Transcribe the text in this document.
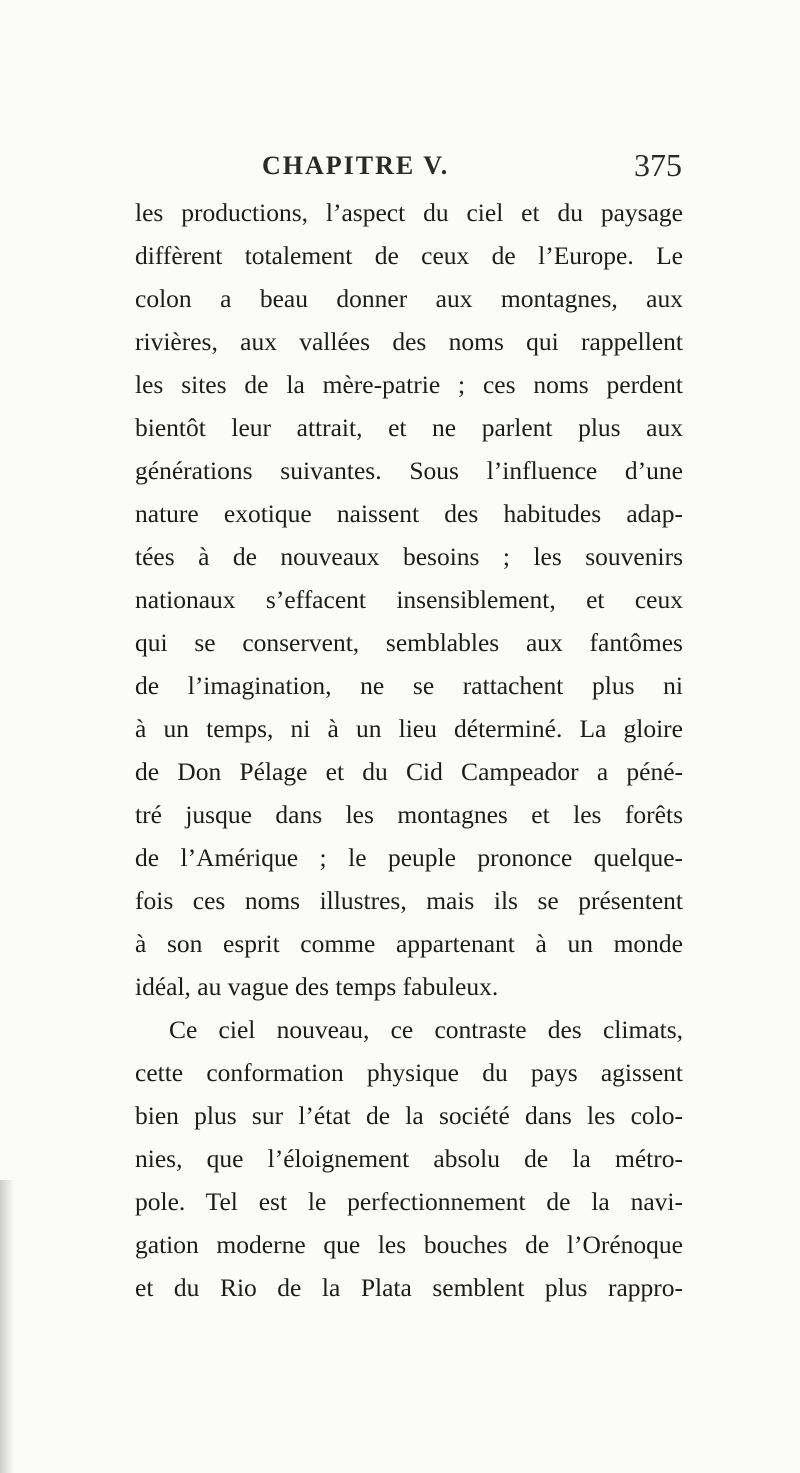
CHAPITRE V.	375
les productions, l’aspect du ciel et du paysage
diffèrent totalement de ceux de l’Europe. Le
colon a beau donner aux montagnes, aux
rivières, aux vallées des noms qui rappellent
les sites de la mère-patrie ; ces noms perdent
bientôt leur attrait, et ne parlent plus aux
générations suivantes. Sous l’influence d’une
nature exotique naissent des habitudes adap-
tées à de nouveaux besoins ; les souvenirs
nationaux s’effacent insensiblement, et ceux
qui se conservent, semblables aux fantômes
de l’imagination, ne se rattachent plus ni
à un temps, ni à un lieu déterminé. La gloire
de Don Pélage et du Cid Campeador a péné-
tré jusque dans les montagnes et les forêts
de l’Amérique ; le peuple prononce quelque-
fois ces noms illustres, mais ils se présentent
à son esprit comme appartenant à un monde
idéal, au vague des temps fabuleux.
Ce ciel nouveau, ce contraste des climats,
cette conformation physique du pays agissent
bien plus sur l’état de la société dans les colo-
nies, que l’éloignement absolu de la métro-
pole. Tel est le perfectionnement de la navi-
gation moderne que les bouches de l’Orénoque
et du Rio de la Plata semblent plus rappro-
